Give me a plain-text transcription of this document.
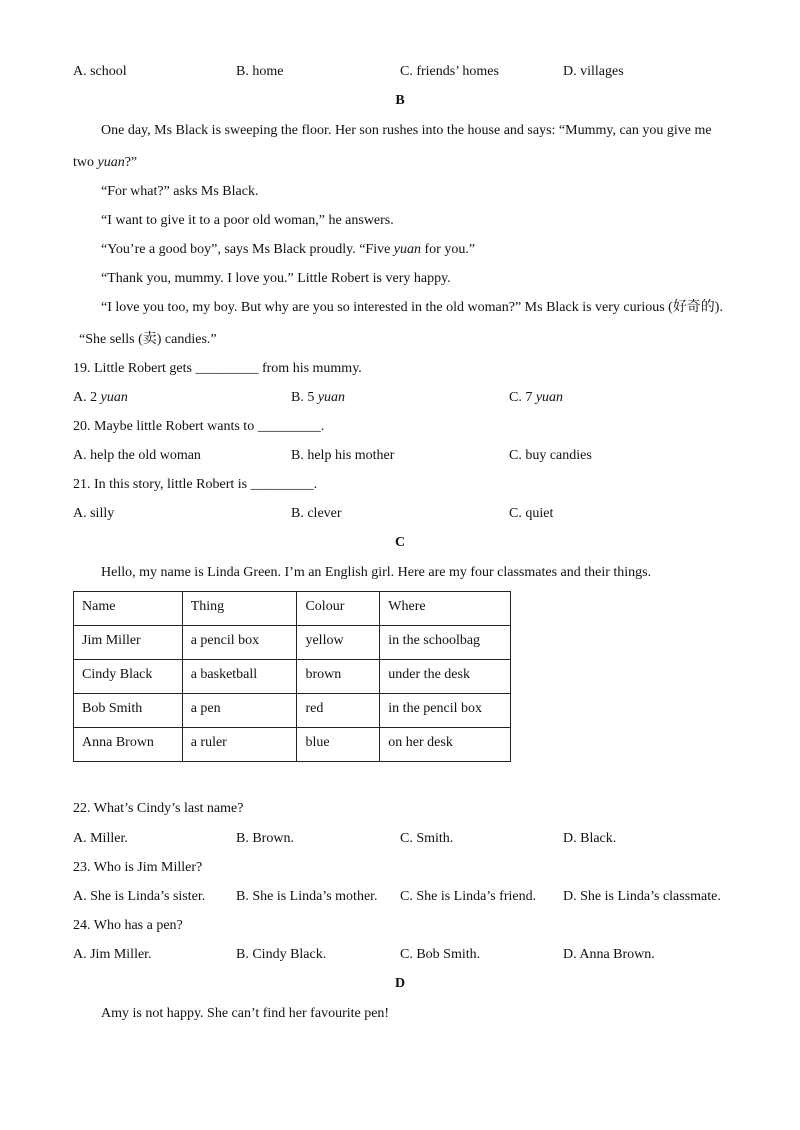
A. school	B. home	C. friends’ homes	D. villages
B
One day, Ms Black is sweeping the floor. Her son rushes into the house and says: “Mummy, can you give me
two yuan?”
“For what?” asks Ms Black.
“I want to give it to a poor old woman,” he answers.
“You’re a good boy”, says Ms Black proudly. “Five yuan for you.”
“Thank you, mummy. I love you.” Little Robert is very happy.
“I love you too, my boy. But why are you so interested in the old woman?” Ms Black is very curious (好奇的).
“She sells (卖) candies.”
19. Little Robert gets _________ from his mummy.
A. 2 yuan	B. 5 yuan	C. 7 yuan
20. Maybe little Robert wants to _________.
A. help the old woman	B. help his mother	C. buy candies
21. In this story, little Robert is _________.
A. silly	B. clever	C. quiet
C
Hello, my name is Linda Green. I’m an English girl. Here are my four classmates and their things.
Name	Thing	Colour	Where
Jim Miller	a pencil box	yellow	in the schoolbag
Cindy Black	a basketball	brown	under the desk
Bob Smith	a pen	red	in the pencil box
Anna Brown	a ruler	blue	on her desk
22. What’s Cindy’s last name?
A. Miller.	B. Brown.	C. Smith.	D. Black.
23. Who is Jim Miller?
A. She is Linda’s sister. B. She is Linda’s mother. C. She is Linda’s friend. D. She is Linda’s classmate.
24. Who has a pen?
A. Jim Miller.	B. Cindy Black.	C. Bob Smith.	D. Anna Brown.
D
Amy is not happy. She can’t find her favourite pen!
